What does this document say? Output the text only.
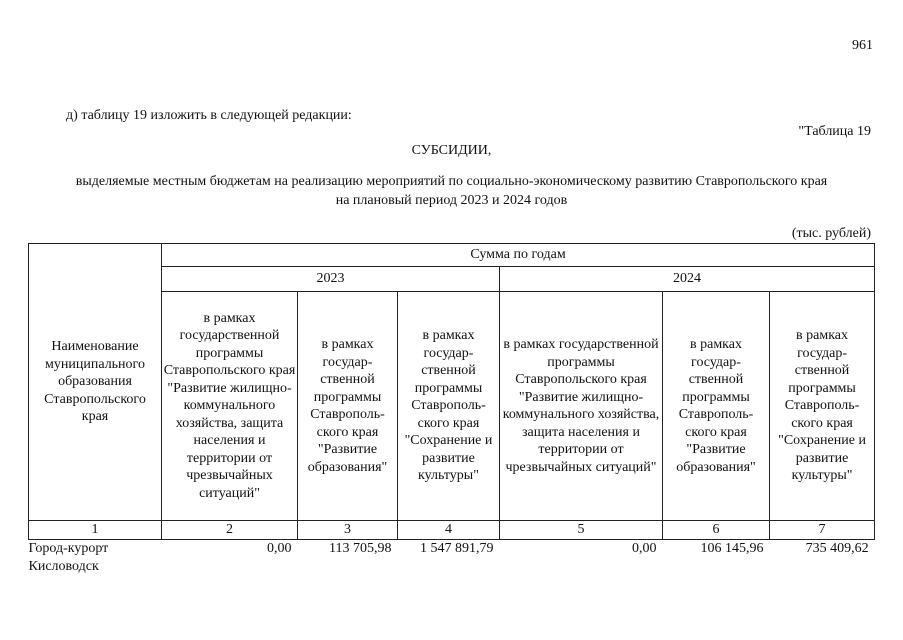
961
д) таблицу 19 изложить в следующей редакции:
"Таблица 19
СУБСИДИИ,
выделяемые местным бюджетам на реализацию мероприятий по социально-экономическому развитию Ставропольского края
на плановый период 2023 и 2024 годов
(тыс. рублей)
Наименование муниципального образования Ставропольского края	Сумма по годам					
	2023			2024		
	в рамках государственной программы Ставропольского края "Развитие жилищно-коммунального хозяйства, защита населения и территории от чрезвычайных ситуаций"	в рамках государ-ственной программы Ставрополь-ского края "Развитие образования"	в рамках государ-ственной программы Ставрополь-ского края "Сохранение и развитие культуры"	в рамках государственной программы Ставропольского края "Развитие жилищно-коммунального хозяйства, защита населения и территории от чрезвычайных ситуаций"	в рамках государ-ственной программы Ставрополь-ского края "Развитие образования"	в рамках государ-ственной программы Ставрополь-ского края "Сохранение и развитие культуры"
1	2	3	4	5	6	7
Город-курорт Кисловодск	0,00	113 705,98	1 547 891,79	0,00	106 145,96	735 409,62
